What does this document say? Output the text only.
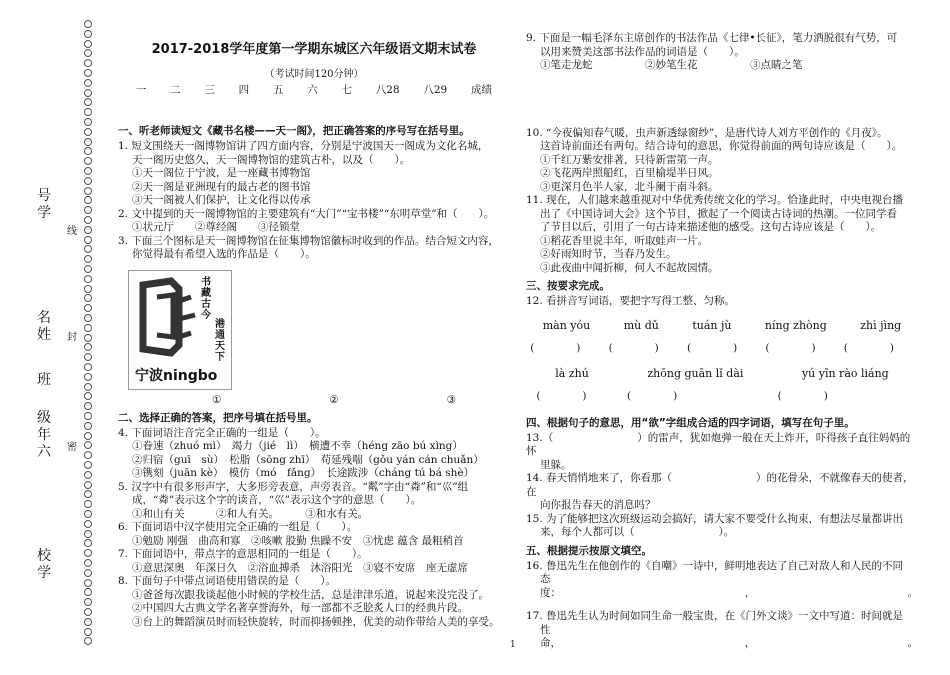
号
学
名
姓
班
级
年
六
校
学
线
封
密
2017-2018学年度第一学期东城区六年级语文期末试卷
（考试时间120分钟）
一 二 三 四 五 六 七 八28 八29 成绩
一、听老师读短文《藏书名楼——天一阁》，把正确答案的序号写在括号里。

1. 短文围绕天一阁博物馆讲了四方面内容，分别是宁波国天一阁成为文化名城，

天一阁历史悠久，天一阁博物馆的建筑古朴，以及（　　）。

①天一阁位于宁波，是一座藏书博物馆

②天一阁是亚洲现有的最古老的图书馆

③天一阁被人们保护，让文化得以传承

2. 文中提到的天一阁博物馆的主要建筑有“大门”“宝书楼”“东明草堂”和（　　）。

①状元厅　　②尊经阁　　③径锁堂

3. 下面三个图标是天一阁博物馆在征集博物馆徽标时收到的作品。结合短文内容，

你觉得最有希望入选的作品是（　　）。

书藏古今
港通天下
宁波ningbo
①	②	③
二、选择正确的答案，把序号填在括号里。

4. 下面词语注音完全正确的一组是（　　）。

①眷速（zhuó mì）　竭力（jié　lì）　横遭不幸（héng zāo bú xìng）

②归宿（guī　sù）　松脂（sōng zhī）　苟延残喘（gǒu yán cán chuǎn）

③镌刻（juān kè）　模仿（mó　fǎng）　长途跋涉（cháng tú bá shè）

5. 汉字中有很多形声字，大多形旁表意，声旁表音。“粼”字由“粦”和“巛”组

成，“粦”表示这个字的读音，“巛”表示这个字的意思（　　）。

①和山有关　　　②和人有关。　　　③和水有关。

6. 下面词语中汉字使用完全正确的一组是（　　）。

①勉励 刚强　曲高和寡　②咳嗽 股勤 焦躁不安　③忧虑 蕴含 最粗稍首

7. 下面词语中，带点字的意思相同的一组是（　　）。

①意思深奥　年深日久　②浴血搏杀　沐浴阳光　③寝不安席　座无虚席

8. 下面句子中带点词语使用错误的是（　　）。

①爸爸每次跟我谈起他小时候的学校生活，总是津津乐道，说起来没完没了。

②中国四大古典文学名著享誉海外，每一部都不乏脍炙人口的经典片段。

③台上的舞蹈演员时而轻快旋转，时而抑扬顿挫，优美的动作带给人美的享受。

9. 下面是一幅毛泽东主席创作的书法作品《七律•长征》，笔力洒脱很有气势，可

以用来赞美这部书法作品的词语是（　　）。

①笔走龙蛇　　　　　②妙笔生花　　　　　③点睛之笔

10. “今夜偏知春气暖，虫声新透绿窗纱”，是唐代诗人刘方平创作的《月夜》。

这首诗前面还有两句。结合诗句的意思，你觉得前面的两句诗应该是（　　）。

①千红万紫安排著，只待新雷第一声。

②飞花两岸照船红，百里榆堤半日风。

③更深月色半人家，北斗阑干南斗斜。

11. 现在，人们越来越重视对中华优秀传统文化的学习。恰逢此时，中央电视台播

出了《中国诗词大会》这个节目，掀起了一个阅读古诗词的热潮。一位同学看

了节目以后，引用了一句古诗来描述他的感受。这句古诗应该是（　　）。

①稻花香里说丰年，听取蛙声一片。

②好雨知时节，当春乃发生。

③此夜曲中闻折柳，何人不起故园情。

三、按要求完成。

12. 看拼音写词语，要把字写得工整、匀称。

màn yóu	mù dǔ	tuán jù	níng zhòng	zhì jìng
(　　　　)	(　　　　)	(　　　　)	(　　　　)	(　　　　)
là zhú	zhōng guān lǐ dài	yú yīn rào liáng
(　　　　)	(　　　　)	(　　　　)
四、根据句子的意思，用“欲”字组成合适的四字词语，填写在句子里。

13.（　　　　　　　　）的雷声，犹如炮弹一般在天上炸开，吓得孩子直往妈妈的怀

里躲。

14. 春天悄悄地来了，你看那（　　　　　　　　）的花骨朵，不就像春天的使者，在

向你报告春天的消息吗？

15. 为了能够把这次班级运动会搞好，请大家不要受什么拘束，有想法尽量都讲出

来，每个人都可以（　　　　　　　　）。

五、根据提示按原文填空。

16. 鲁迅先生在他创作的《自嘲》一诗中，鲜明地表达了自己对敌人和人民的不同

态度：　　　　　　　　　　　　　　　　　　，　　　　　　　　　　　　　　　。

17. 鲁迅先生认为时间如同生命一般宝贵，在《门外文谈》一文中写道：时间就是

性命，　　　　　　　　　　　　　　　　　　，　　　　　　　　　　　　　　　。

1
